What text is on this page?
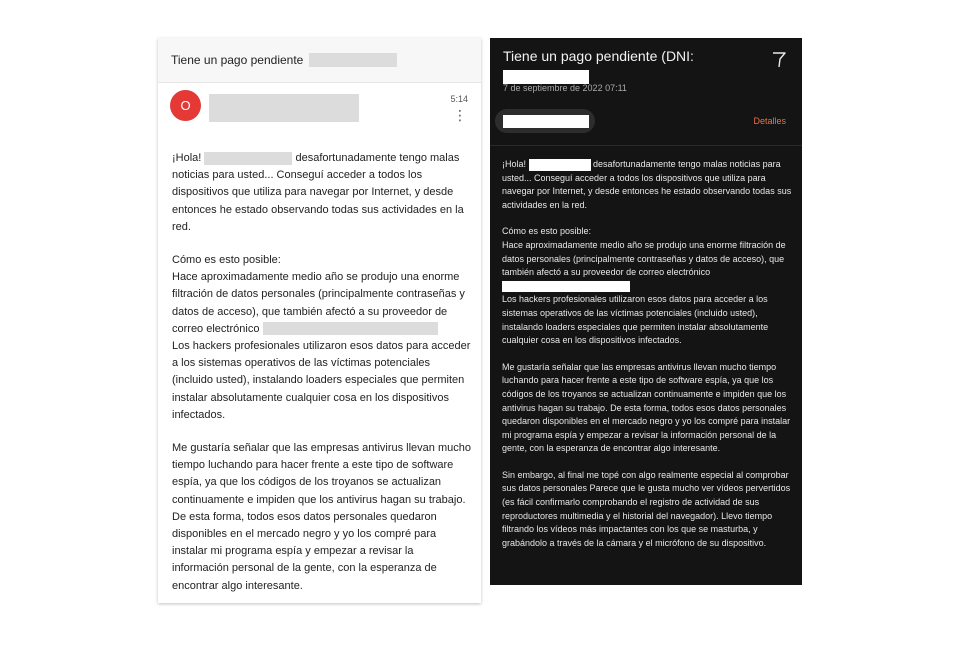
Tiene un pago pendiente
O	5:14
⋮

¡Hola!	desafortunadamente tengo malas noticias para usted... Conseguí acceder a todos los dispositivos que utiliza para navegar por Internet, y desde entonces he estado observando todas sus actividades en la red.

Cómo es esto posible:
Hace aproximadamente medio año se produjo una enorme filtración de datos personales (principalmente contraseñas y datos de acceso), que también afectó a su proveedor de correo electrónico
Los hackers profesionales utilizaron esos datos para acceder a los sistemas operativos de las víctimas potenciales (incluido usted), instalando loaders especiales que permiten instalar absolutamente cualquier cosa en los dispositivos infectados.

Me gustaría señalar que las empresas antivirus llevan mucho tiempo luchando para hacer frente a este tipo de software espía, ya que los códigos de los troyanos se actualizan continuamente e impiden que los antivirus hagan su trabajo. De esta forma, todos esos datos personales quedaron disponibles en el mercado negro y yo los compré para instalar mi programa espía y empezar a revisar la información personal de la gente, con la esperanza de encontrar algo interesante.

Tiene un pago pendiente (DNI:

7 de septiembre de 2022 07:11
Detalles

¡Hola!	desafortunadamente tengo malas noticias para usted... Conseguí acceder a todos los dispositivos que utiliza para navegar por Internet, y desde entonces he estado observando todas sus actividades en la red.

Cómo es esto posible:
Hace aproximadamente medio año se produjo una enorme filtración de datos personales (principalmente contraseñas y datos de acceso), que también afectó a su proveedor de correo electrónico
Los hackers profesionales utilizaron esos datos para acceder a los sistemas operativos de las víctimas potenciales (incluido usted), instalando loaders especiales que permiten instalar absolutamente cualquier cosa en los dispositivos infectados.

Me gustaría señalar que las empresas antivirus llevan mucho tiempo luchando para hacer frente a este tipo de software espía, ya que los códigos de los troyanos se actualizan continuamente e impiden que los antivirus hagan su trabajo. De esta forma, todos esos datos personales quedaron disponibles en el mercado negro y yo los compré para instalar mi programa espía y empezar a revisar la información personal de la gente, con la esperanza de encontrar algo interesante.

Sin embargo, al final me topé con algo realmente especial al comprobar sus datos personales Parece que le gusta mucho ver vídeos pervertidos (es fácil confirmarlo comprobando el registro de actividad de sus reproductores multimedia y el historial del navegador). Llevo tiempo filtrando los vídeos más impactantes con los que se masturba, y grabándolo a través de la cámara y el micrófono de su dispositivo.
